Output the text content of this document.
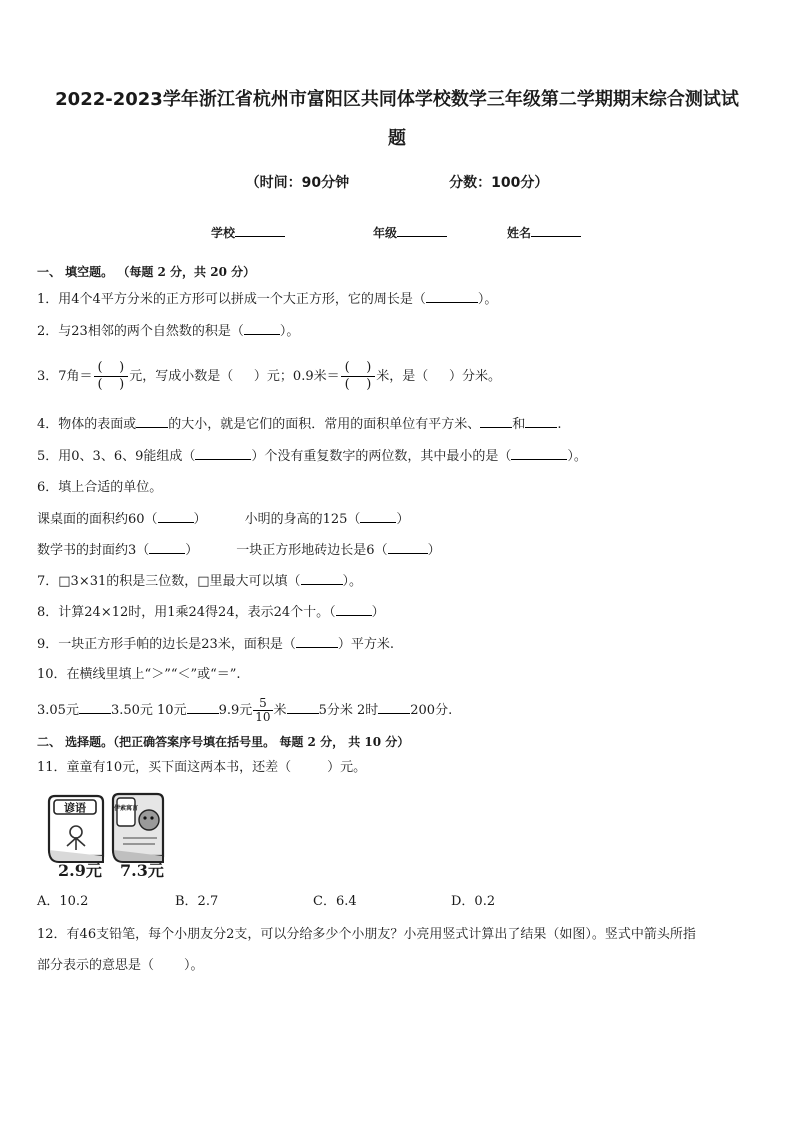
2022-2023学年浙江省杭州市富阳区共同体学校数学三年级第二学期期末综合测试试
题
（时间：90分钟	分数：100分）
学校	年级	姓名
一、 填空题。 （每题 2 分，共 20 分）
1．用4个4平方分米的正方形可以拼成一个大正方形，它的周长是（	）。
2．与23相邻的两个自然数的积是（	）。
3．7角＝ $\frac{( )}{( )}$ 元，写成小数是（ ）元；0.9米＝ $\frac{( )}{( )}$ 米，是（ ）分米。
4．物体的表面或 的大小，就是它们的面积．常用的面积单位有平方米、 和 .
5．用0、3、6、9能组成（	）个没有重复数字的两位数，其中最小的是（	）。
6．填上合适的单位。
课桌面的面积约60（	）	小明的身高的125（	）
数学书的封面约3（	）	一块正方形地砖边长是6（	）
7．□3×31的积是三位数，□里最大可以填（	）。
8．计算24×12时，用1乘24得24，表示24个十。（	）
9．一块正方形手帕的边长是23米，面积是（	）平方米.
10．在横线里填上“＞”“＜”或“＝”.
3.05元 3.50元 10元 9.9元 $\frac{5}{10}$ 米 5分米 2时 200分.
二、 选择题。（把正确答案序号填在括号里。 每题 2 分， 共 10 分）
11．童童有10元，买下面这两本书，还差（	）元。
谚语	伊索寓言
2.9元 7.3元
A．10.2	B．2.7	C．6.4	D．0.2
12．有46支铅笔，每个小朋友分2支，可以分给多少个小朋友？小亮用竖式计算出了结果（如图）。竖式中箭头所指
部分表示的意思是（ ）。
